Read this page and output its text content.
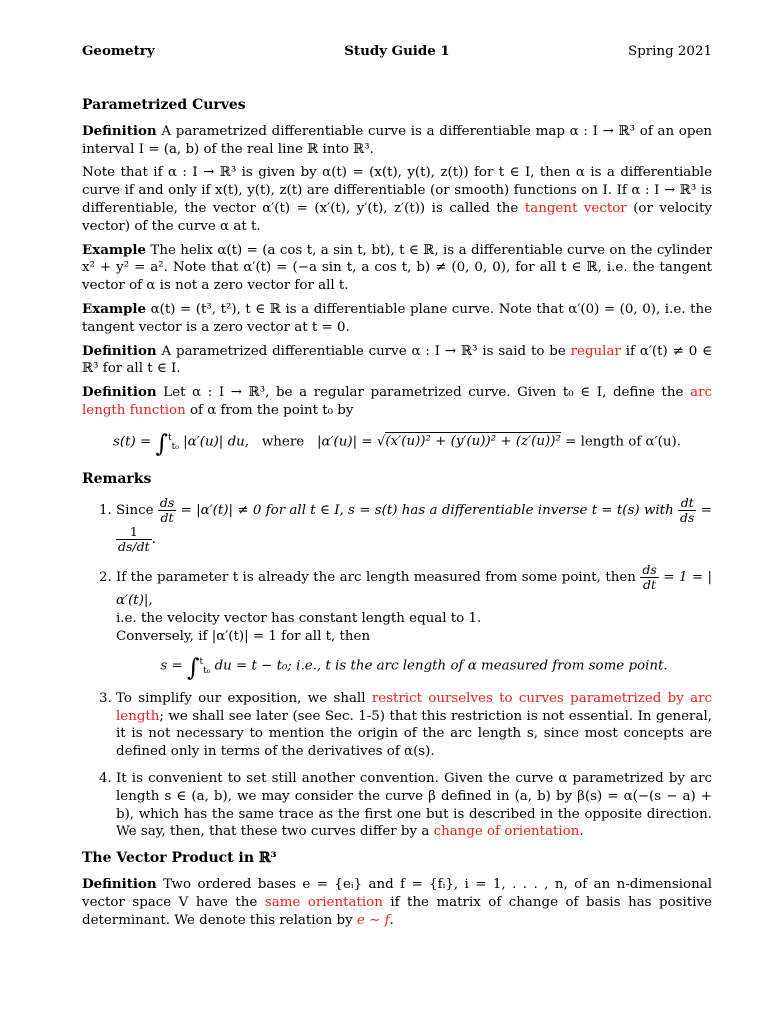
Geometry	Study Guide 1	Spring 2021
Parametrized Curves

Definition A parametrized differentiable curve is a differentiable map α : I → ℝ³ of an open interval I = (a, b) of the real line ℝ into ℝ³.

Note that if α : I → ℝ³ is given by α(t) = (x(t), y(t), z(t)) for t ∈ I, then α is a differentiable curve if and only if x(t), y(t), z(t) are differentiable (or smooth) functions on I. If α : I → ℝ³ is differentiable, the vector α′(t) = (x′(t), y′(t), z′(t)) is called the tangent vector (or velocity vector) of the curve α at t.

Example The helix α(t) = (a cos t, a sin t, bt), t ∈ ℝ, is a differentiable curve on the cylinder x² + y² = a². Note that α′(t) = (−a sin t, a cos t, b) ≠ (0, 0, 0), for all t ∈ ℝ, i.e. the tangent vector of α is not a zero vector for all t.

Example α(t) = (t³, t²), t ∈ ℝ is a differentiable plane curve. Note that α′(0) = (0, 0), i.e. the tangent vector is a zero vector at t = 0.

Definition A parametrized differentiable curve α : I → ℝ³ is said to be regular if α′(t) ≠ 0 ∈ ℝ³ for all t ∈ I.

Definition Let α : I → ℝ³, be a regular parametrized curve. Given t₀ ∈ I, define the arc length function of α from the point t₀ by

s(t) = ∫$^t_{t_0}$ |α′(u)| du, where |α′(u)| = √(x′(u))² + (y′(u))² + (z′(u))² = length of α′(u).
Remarks
1. Since $\frac{ds}{dt} = |\alpha'(t)| \ne 0$ for all t ∈ I, s = s(t) has a differentiable inverse t = t(s) with $\frac{dt}{ds}$ =
$\frac{1}{ds/dt}$ .
2. If the parameter t is already the arc length measured from some point, then $\frac{ds}{dt} = 1 = |\alpha'(t)|$,
i.e. the velocity vector has constant length equal to 1.
Conversely, if |α′(t)| = 1 for all t, then
s = ∫$^t_{t_0}$ du = t − t₀; i.e., t is the arc length of α measured from some point.
3. To simplify our exposition, we shall restrict ourselves to curves parametrized by arc length; we shall see later (see Sec. 1-5) that this restriction is not essential. In general, it is not necessary to mention the origin of the arc length s, since most concepts are defined only in terms of the derivatives of α(s).
4. It is convenient to set still another convention. Given the curve α parametrized by arc length s ∈ (a, b), we may consider the curve β defined in (a, b) by β(s) = α(−(s − a) + b), which has the same trace as the first one but is described in the opposite direction. We say, then, that these two curves differ by a change of orientation.
The Vector Product in ℝ³

Definition Two ordered bases e = {eᵢ} and f = {fᵢ}, i = 1, . . . , n, of an n-dimensional vector space V have the same orientation if the matrix of change of basis has positive determinant. We denote this relation by e ∼ f.
